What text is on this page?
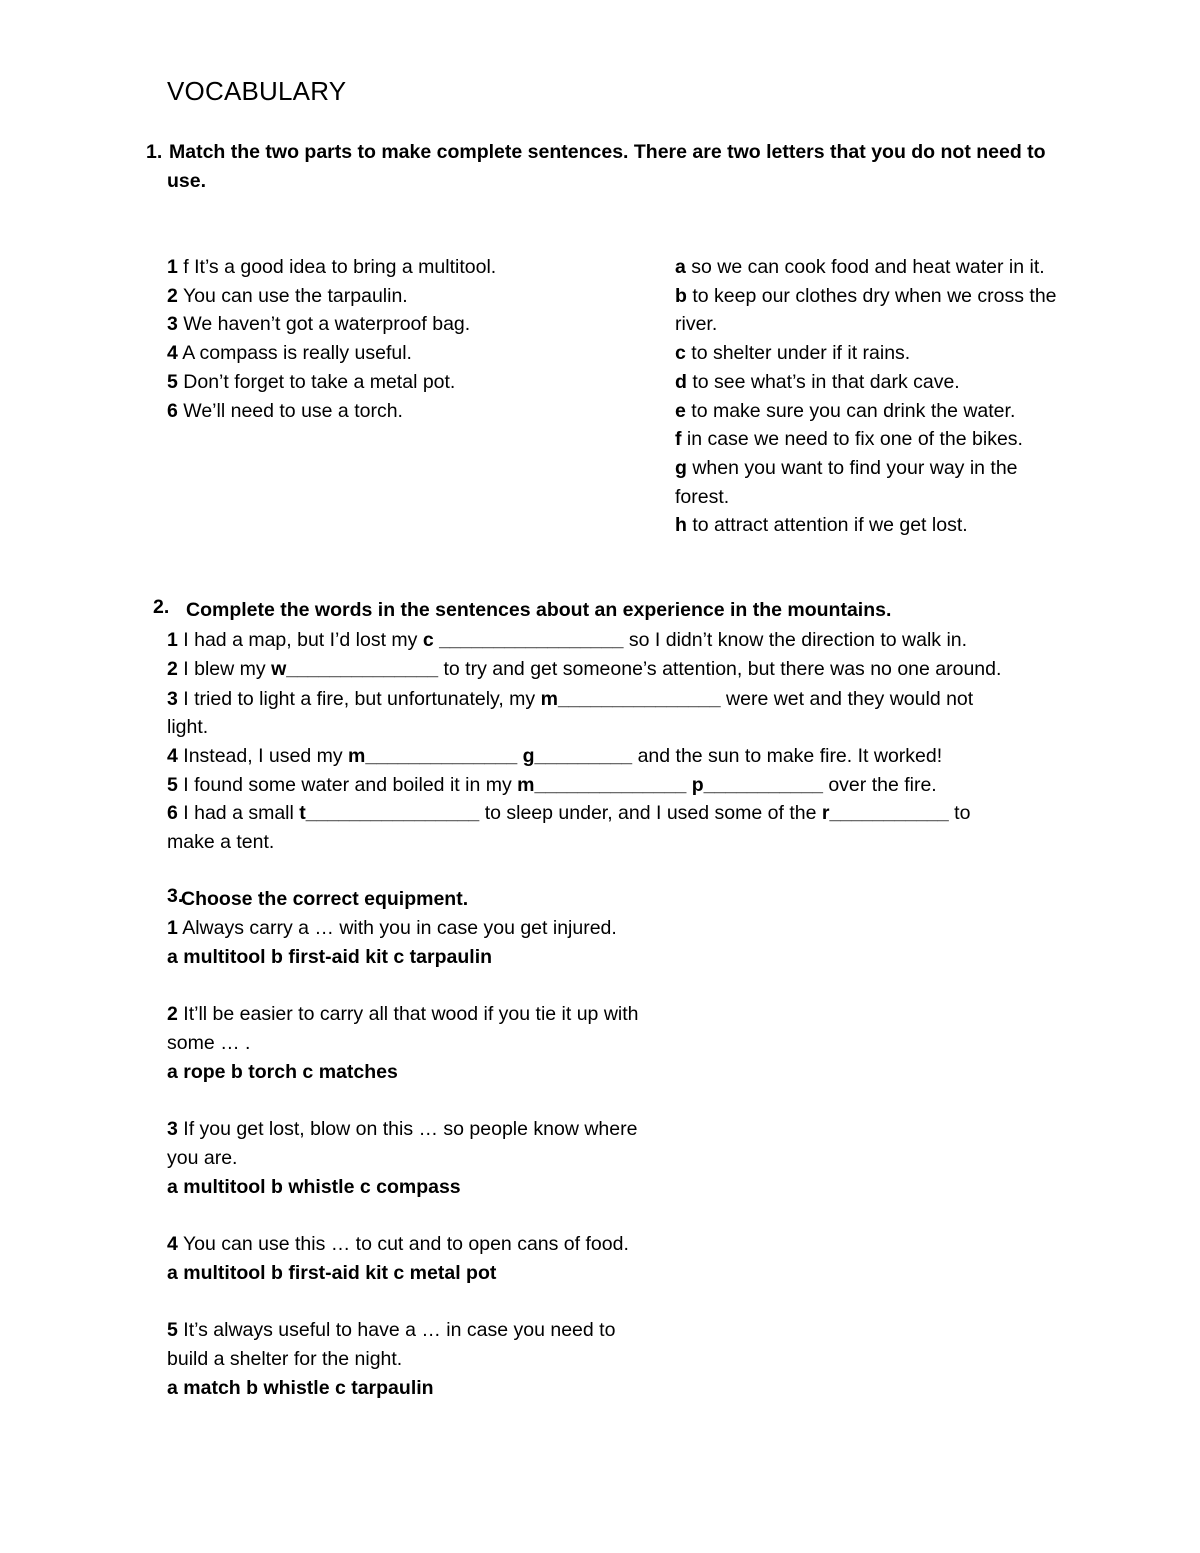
VOCABULARY
1. Match the two parts to make complete sentences. There are two letters that you do not need to
use.
1 f It’s a good idea to bring a multitool.
2 You can use the tarpaulin.
3 We haven’t got a waterproof bag.
4 A compass is really useful.
5 Don’t forget to take a metal pot.
6 We’ll need to use a torch.
a so we can cook food and heat water in it.
b to keep our clothes dry when we cross the
river.
c to shelter under if it rains.
d to see what’s in that dark cave.
e to make sure you can drink the water.
f in case we need to fix one of the bikes.
g when you want to find your way in the
forest.
h to attract attention if we get lost.
2. Complete the words in the sentences about an experience in the mountains.
1 I had a map, but I’d lost my c _________________ so I didn’t know the direction to walk in.
2 I blew my w______________ to try and get someone’s attention, but there was no one around.
3 I tried to light a fire, but unfortunately, my m_______________ were wet and they would not
light.
4 Instead, I used my m______________ g_________ and the sun to make fire. It worked!
5 I found some water and boiled it in my m______________ p___________ over the fire.
6 I had a small t________________ to sleep under, and I used some of the r___________ to
make a tent.
3.
Choose the correct equipment.
1 Always carry a … with you in case you get injured.
a multitool b first-aid kit c tarpaulin
2 It’ll be easier to carry all that wood if you tie it up with
some … .
a rope b torch c matches
3 If you get lost, blow on this … so people know where
you are.
a multitool b whistle c compass
4 You can use this … to cut and to open cans of food.
a multitool b first-aid kit c metal pot
5 It’s always useful to have a … in case you need to
build a shelter for the night.
a match b whistle c tarpaulin
